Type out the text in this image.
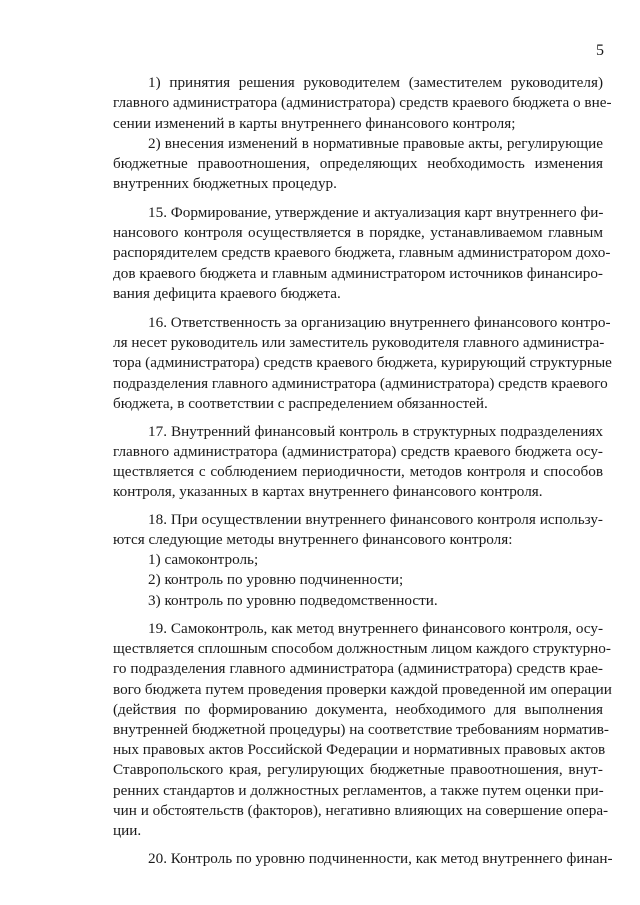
5
1) принятия решения руководителем (заместителем руководителя)
главного администратора (администратора) средств краевого бюджета о вне-
сении изменений в карты внутреннего финансового контроля;
2) внесения изменений в нормативные правовые акты, регулирующие
бюджетные правоотношения, определяющих необходимость изменения
внутренних бюджетных процедур.
15. Формирование, утверждение и актуализация карт внутреннего фи-
нансового контроля осуществляется в порядке, устанавливаемом главным
распорядителем средств краевого бюджета, главным администратором дохо-
дов краевого бюджета и главным администратором источников финансиро-
вания дефицита краевого бюджета.
16. Ответственность за организацию внутреннего финансового контро-
ля несет руководитель или заместитель руководителя главного администра-
тора (администратора) средств краевого бюджета, курирующий структурные
подразделения главного администратора (администратора) средств краевого
бюджета, в соответствии с распределением обязанностей.
17. Внутренний финансовый контроль в структурных подразделениях
главного администратора (администратора) средств краевого бюджета осу-
ществляется с соблюдением периодичности, методов контроля и способов
контроля, указанных в картах внутреннего финансового контроля.
18. При осуществлении внутреннего финансового контроля использу-
ются следующие методы внутреннего финансового контроля:
1) самоконтроль;
2) контроль по уровню подчиненности;
3) контроль по уровню подведомственности.
19. Самоконтроль, как метод внутреннего финансового контроля, осу-
ществляется сплошным способом должностным лицом каждого структурно-
го подразделения главного администратора (администратора) средств крае-
вого бюджета путем проведения проверки каждой проведенной им операции
(действия по формированию документа, необходимого для выполнения
внутренней бюджетной процедуры) на соответствие требованиям норматив-
ных правовых актов Российской Федерации и нормативных правовых актов
Ставропольского края, регулирующих бюджетные правоотношения, внут-
ренних стандартов и должностных регламентов, а также путем оценки при-
чин и обстоятельств (факторов), негативно влияющих на совершение опера-
ции.
20. Контроль по уровню подчиненности, как метод внутреннего финан-
